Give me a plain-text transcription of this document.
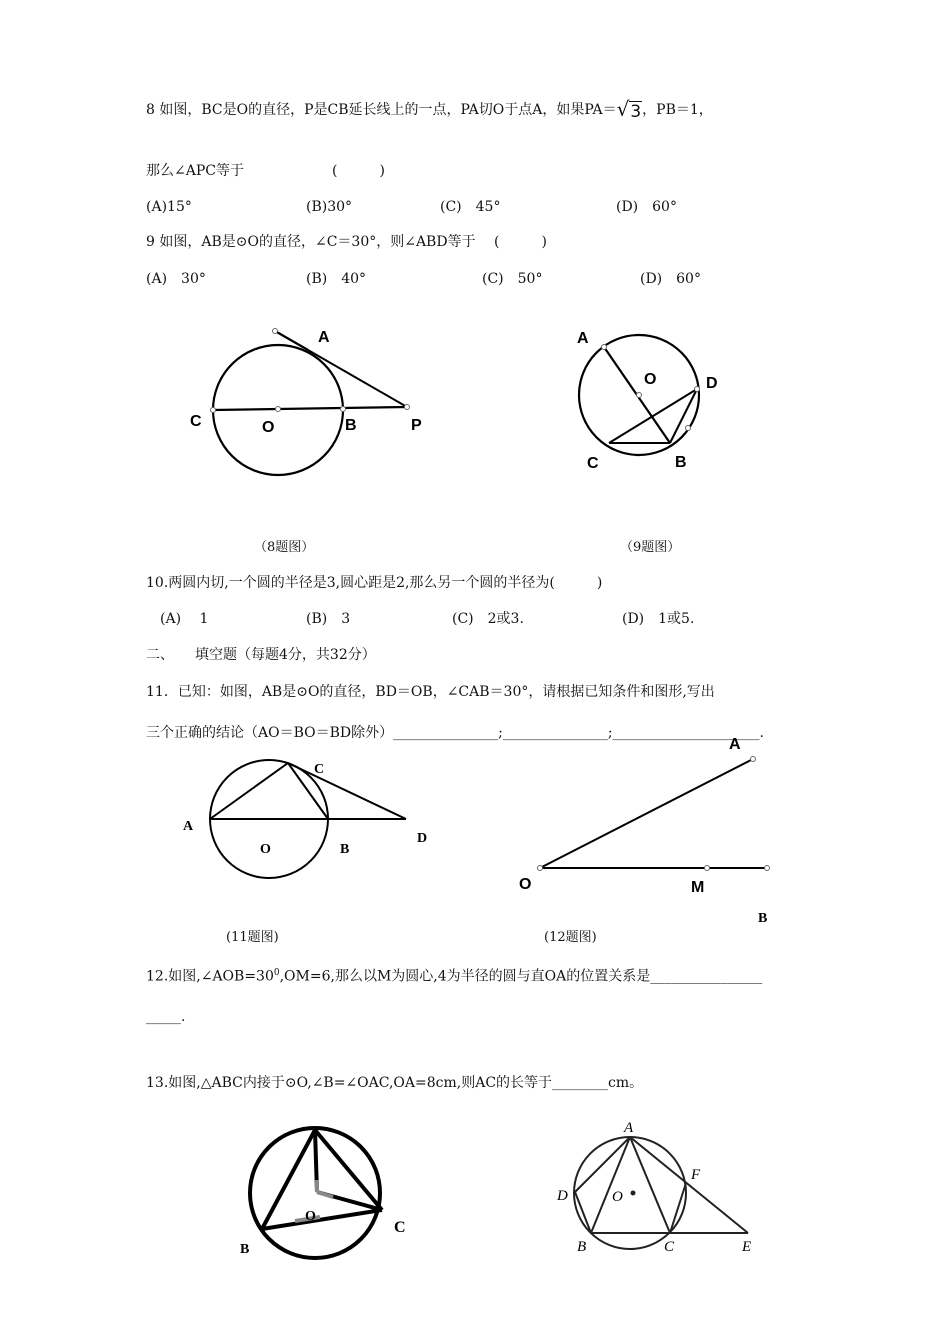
8 如图，BC是O的直径，P是CB延长线上的一点，PA切O于点A，如果PA＝√3，PB＝1，
那么∠APC等于	(　　　)
(A)15°	(B)30°	(C)　45°	(D)　60°
9 如图，AB是⊙O的直径，∠C＝30°，则∠ABD等于　 (　　　)
(A)　30°	(B)　40°	(C)　50°	(D)　60°
A
C	O	B	P
A
O	D
C	B
（8题图）	（9题图）
10.两圆内切,一个圆的半径是3,圆心距是2,那么另一个圆的半径为(　　　)
(A)　 1	(B)　3	(C)　2或3.	(D)　1或5.
二、　　填空题（每题4分，共32分）
11．已知：如图，AB是⊙O的直径，BD＝OB，∠CAB＝30°，请根据已知条件和图形,写出
三个正确的结论（AO＝BO＝BD除外）_______________;_______________;_____________________.
A
C
O	B
D
A
O	M
B
(11题图)	(12题图)
12.如图$,\angle AOB=30^0,OM=6$,那么以M为圆心,4为半径的圆与直OA的位置关系是________________
_____.
13.如图,△ABC内接于⊙O,∠B=∠OAC,OA=8cm,则AC的长等于________cm。
O
C
B
A
F
D	O
B	C	E
